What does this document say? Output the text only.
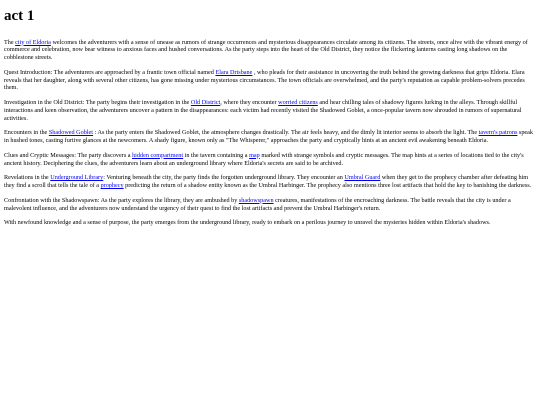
act 1

The city of Eldoria welcomes the adventurers with a sense of unease as rumors of strange occurrences and mysterious disappearances circulate among its citizens. The streets, once alive with the vibrant energy of commerce and celebration, now bear witness to anxious faces and hushed conversations. As the party steps into the heart of the Old District, they notice the flickering lanterns casting long shadows on the cobblestone streets.

Quest Introduction: The adventurers are approached by a frantic town official named Elara Drisbane , who pleads for their assistance in uncovering the truth behind the growing darkness that grips Eldoria. Elara reveals that her daughter, along with several other citizens, has gone missing under mysterious circumstances. The town officials are overwhelmed, and the party's reputation as capable problem-solvers precedes them.

Investigation in the Old District: The party begins their investigation in the Old District, where they encounter worried citizens and hear chilling tales of shadowy figures lurking in the alleys. Through skillful interactions and keen observation, the adventurers uncover a pattern in the disappearances: each victim had recently visited the Shadowed Goblet, a once-popular tavern now shrouded in rumors of supernatural activities.

Encounters in the Shadowed Goblet : As the party enters the Shadowed Goblet, the atmosphere changes drastically. The air feels heavy, and the dimly lit interior seems to absorb the light. The tavern's patrons speak in hushed tones, casting furtive glances at the newcomers. A shady figure, known only as "The Whisperer," approaches the party and cryptically hints at an ancient evil awakening beneath Eldoria.

Clues and Cryptic Messages: The party discovers a hidden compartment in the tavern containing a map marked with strange symbols and cryptic messages. The map hints at a series of locations tied to the city's ancient history. Deciphering the clues, the adventurers learn about an underground library where Eldoria's secrets are said to be archived.

Revelations in the Underground Library: Venturing beneath the city, the party finds the forgotten underground library. They encounter an Umbral Guard when they get to the prophecy chamber after defeating him they find a scroll that tells the tale of a prophecy predicting the return of a shadow entity known as the Umbral Harbinger. The prophecy also mentions three lost artifacts that hold the key to banishing the darkness.

Confrontation with the Shadowspawn: As the party explores the library, they are ambushed by shadowspawn creatures, manifestations of the encroaching darkness. The battle reveals that the city is under a malevolent influence, and the adventurers now understand the urgency of their quest to find the lost artifacts and prevent the Umbral Harbinger's return.

With newfound knowledge and a sense of purpose, the party emerges from the underground library, ready to embark on a perilous journey to unravel the mysteries hidden within Eldoria's shadows.
